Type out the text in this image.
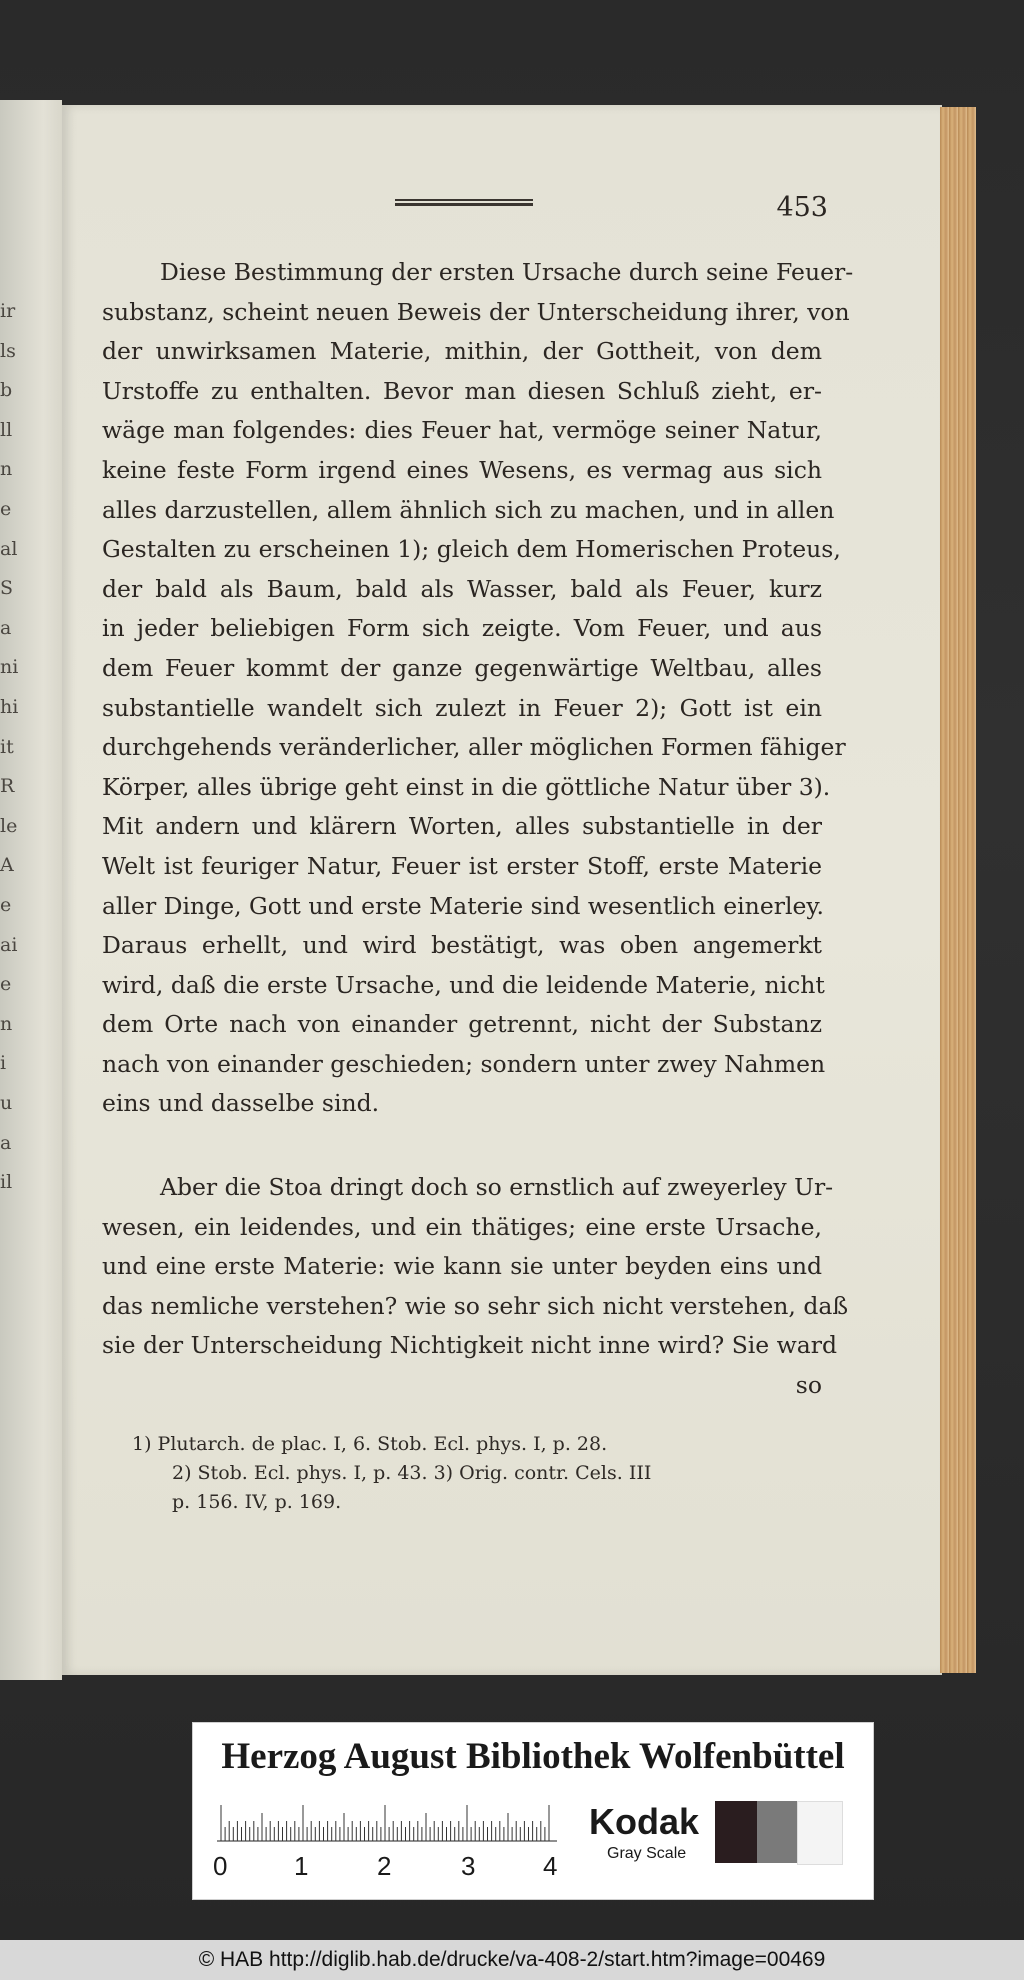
ir
ls
b
ll
n
e
al
S
a
ni
hi
it
R
le
A
e
ai
e
n
i
u
a
il
453
Diese Bestimmung der ersten Ursache durch seine Feuer-
substanz, scheint neuen Beweis der Unterscheidung ihrer, von
der unwirksamen Materie, mithin, der Gottheit, von dem
Urstoffe zu enthalten. Bevor man diesen Schluß zieht, er-
wäge man folgendes: dies Feuer hat, vermöge seiner Natur,
keine feste Form irgend eines Wesens, es vermag aus sich
alles darzustellen, allem ähnlich sich zu machen, und in allen
Gestalten zu erscheinen 1); gleich dem Homerischen Proteus,
der bald als Baum, bald als Wasser, bald als Feuer, kurz
in jeder beliebigen Form sich zeigte. Vom Feuer, und aus
dem Feuer kommt der ganze gegenwärtige Weltbau, alles
substantielle wandelt sich zulezt in Feuer 2); Gott ist ein
durchgehends veränderlicher, aller möglichen Formen fähiger
Körper, alles übrige geht einst in die göttliche Natur über 3).
Mit andern und klärern Worten, alles substantielle in der
Welt ist feuriger Natur, Feuer ist erster Stoff, erste Materie
aller Dinge, Gott und erste Materie sind wesentlich einerley.
Daraus erhellt, und wird bestätigt, was oben angemerkt
wird, daß die erste Ursache, und die leidende Materie, nicht
dem Orte nach von einander getrennt, nicht der Substanz
nach von einander geschieden; sondern unter zwey Nahmen
eins und dasselbe sind.
Aber die Stoa dringt doch so ernstlich auf zweyerley Ur-
wesen, ein leidendes, und ein thätiges; eine erste Ursache,
und eine erste Materie: wie kann sie unter beyden eins und
das nemliche verstehen? wie so sehr sich nicht verstehen, daß
sie der Unterscheidung Nichtigkeit nicht inne wird? Sie ward
so
1) Plutarch. de plac. I, 6. Stob. Ecl. phys. I, p. 28.
2) Stob. Ecl. phys. I, p. 43. 3) Orig. contr. Cels. III
p. 156. IV, p. 169.
Herzog August Bibliothek Wolfenbüttel
0	1	2	3	4
Kodak
Gray Scale
© HAB http://diglib.hab.de/drucke/va-408-2/start.htm?image=00469
